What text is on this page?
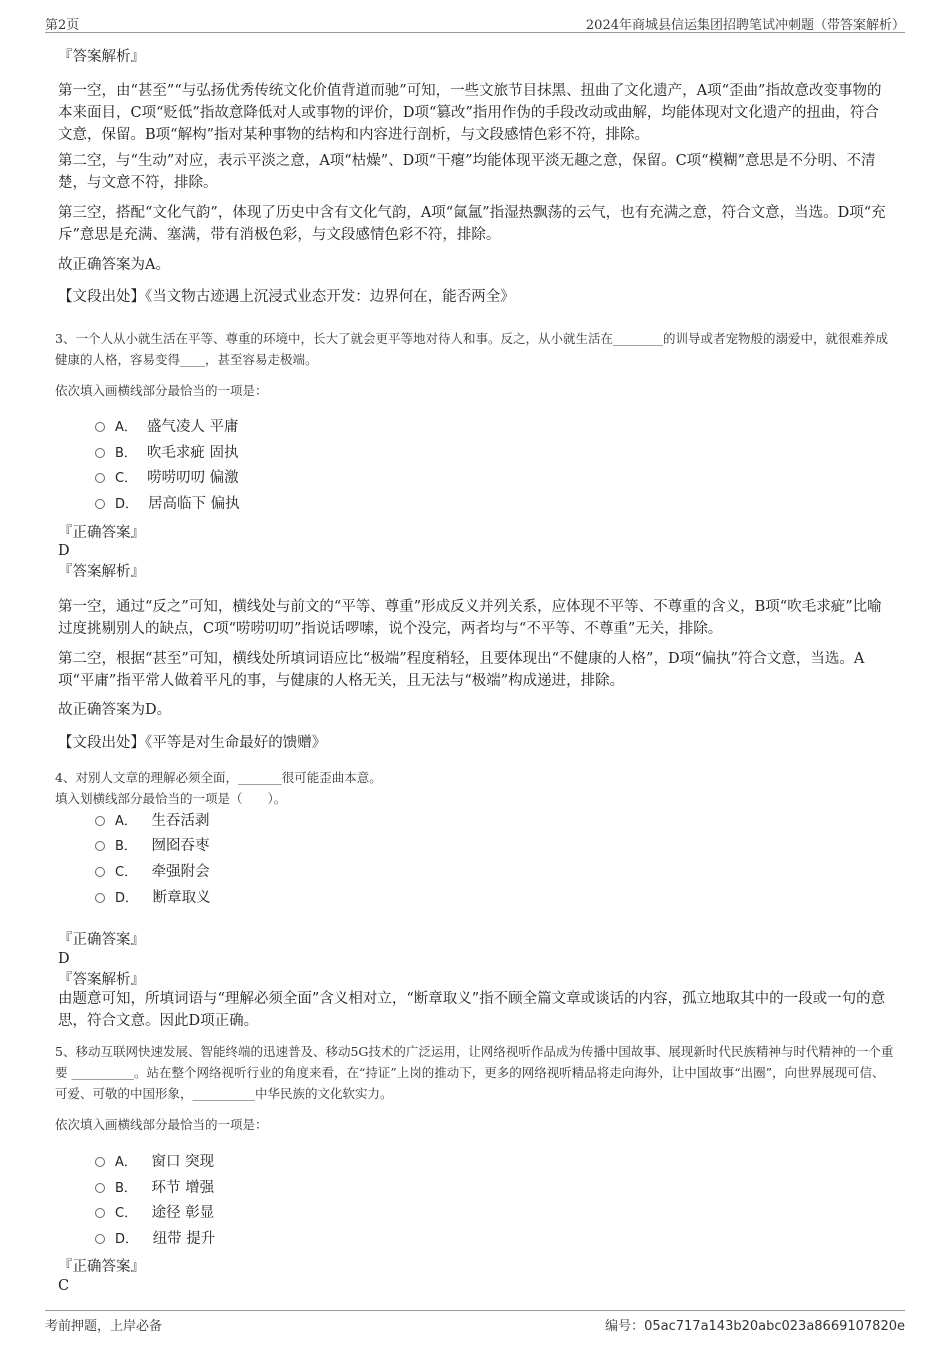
第2页	2024年商城县信运集团招聘笔试冲刺题（带答案解析）

『答案解析』

第一空，由“甚至”“与弘扬优秀传统文化价值背道而驰”可知，一些文旅节目抹黑、扭曲了文化遗产，A项“歪曲”指故意改变事物的本来面目，C项“贬低”指故意降低对人或事物的评价，D项“篡改”指用作伪的手段改动或曲解，均能体现对文化遗产的扭曲，符合文意，保留。B项“解构”指对某种事物的结构和内容进行剖析，与文段感情色彩不符，排除。

第二空，与“生动”对应，表示平淡之意，A项“枯燥”、D项“干瘪”均能体现平淡无趣之意，保留。C项“模糊”意思是不分明、不清楚，与文意不符，排除。

第三空，搭配“文化气韵”，体现了历史中含有文化气韵，A项“氤氲”指湿热飘荡的云气，也有充满之意，符合文意，当选。D项“充斥”意思是充满、塞满，带有消极色彩，与文段感情色彩不符，排除。

故正确答案为A。

【文段出处】《当文物古迹遇上沉浸式业态开发：边界何在，能否两全》

3、一个人从小就生活在平等、尊重的环境中，长大了就会更平等地对待人和事。反之，从小就生活在________的训导或者宠物般的溺爱中，就很难养成健康的人格，容易变得____，甚至容易走极端。

依次填入画横线部分最恰当的一项是：

A． 盛气凌人 平庸
B． 吹毛求疵 固执
C． 唠唠叨叨 偏激
D． 居高临下 偏执

『正确答案』

D

『答案解析』

第一空，通过“反之”可知，横线处与前文的“平等、尊重”形成反义并列关系，应体现不平等、不尊重的含义，B项“吹毛求疵”比喻过度挑剔别人的缺点，C项“唠唠叨叨”指说话啰嗦，说个没完，两者均与“不平等、不尊重”无关，排除。

第二空，根据“甚至”可知，横线处所填词语应比“极端”程度稍轻，且要体现出“不健康的人格”，D项“偏执”符合文意，当选。A项“平庸”指平常人做着平凡的事，与健康的人格无关，且无法与“极端”构成递进，排除。

故正确答案为D。

【文段出处】《平等是对生命最好的馈赠》

4、对别人文章的理解必须全面，_______很可能歪曲本意。

填入划横线部分最恰当的一项是（　　）。

A． 生吞活剥
B． 囫囵吞枣
C． 牵强附会
D． 断章取义

『正确答案』

D

『答案解析』

由题意可知，所填词语与“理解必须全面”含义相对立，“断章取义”指不顾全篇文章或谈话的内容，孤立地取其中的一段或一句的意思，符合文意。因此D项正确。

5、移动互联网快速发展、智能终端的迅速普及、移动5G技术的广泛运用，让网络视听作品成为传播中国故事、展现新时代民族精神与时代精神的一个重要 __________。站在整个网络视听行业的角度来看，在“持证”上岗的推动下，更多的网络视听精品将走向海外，让中国故事“出圈”，向世界展现可信、可爱、可敬的中国形象，__________中华民族的文化软实力。

依次填入画横线部分最恰当的一项是：

A． 窗口 突现
B． 环节 增强
C． 途径 彰显
D． 纽带 提升

『正确答案』

C

考前押题，上岸必备	编号：05ac717a143b20abc023a8669107820e
